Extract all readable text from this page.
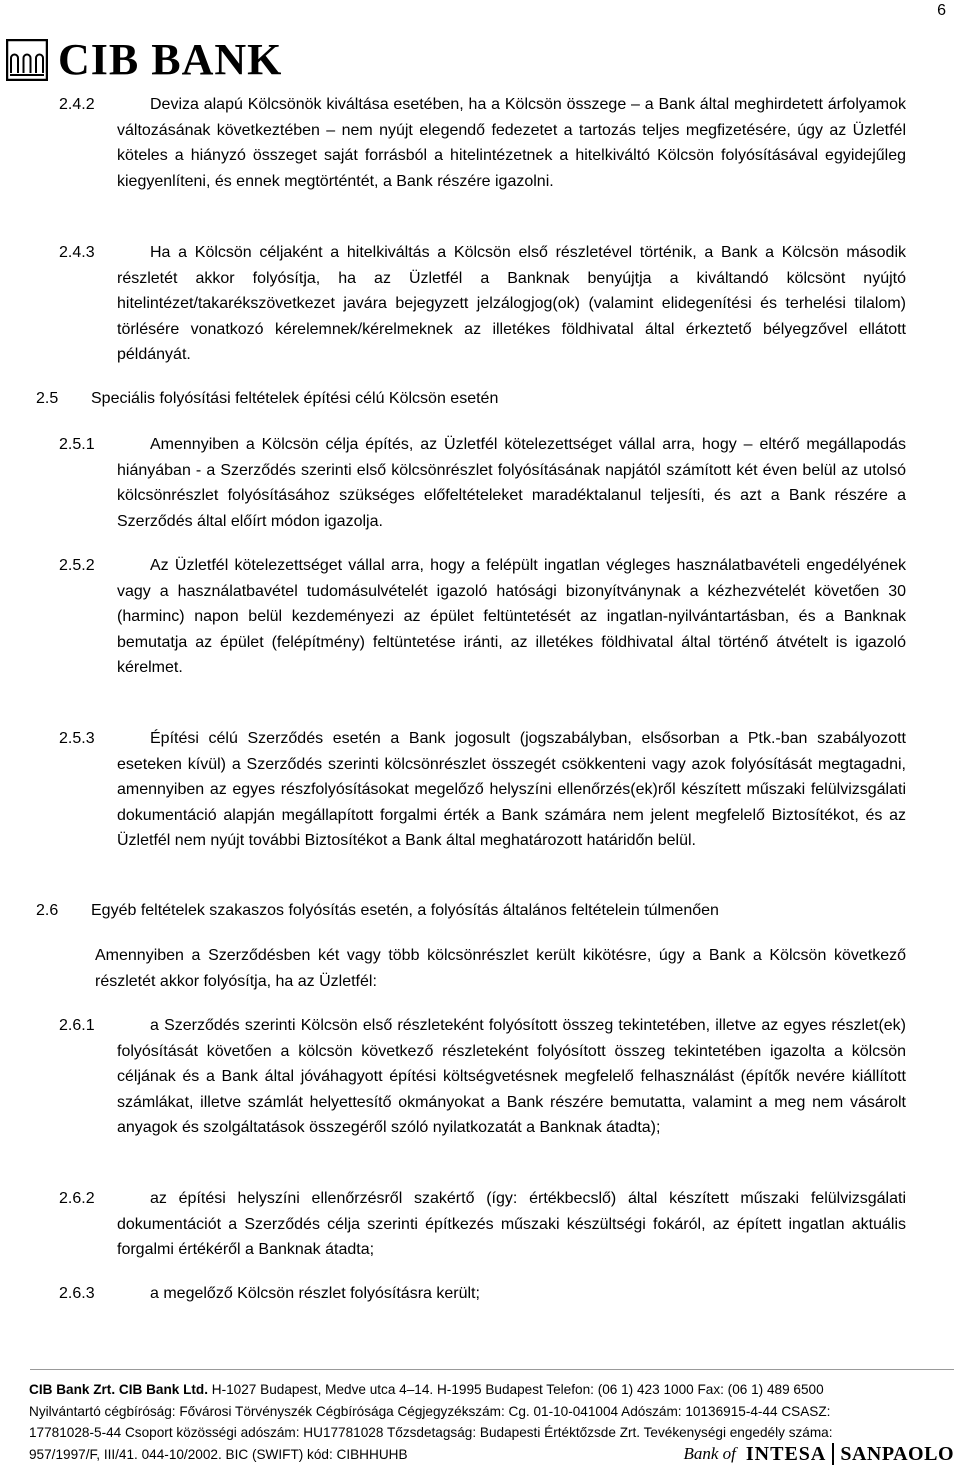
6
CIB BANK
2.4.2	Deviza alapú Kölcsönök kiváltása esetében, ha a Kölcsön összege – a Bank által meghirdetett árfolyamok változásának következtében – nem nyújt elegendő fedezetet a tartozás teljes megfizetésére, úgy az Üzletfél köteles a hiányzó összeget saját forrásból a hitelintézetnek a hitelkiváltó Kölcsön folyósításával egyidejűleg kiegyenlíteni, és ennek megtörténtét, a Bank részére igazolni.
2.4.3	Ha a Kölcsön céljaként a hitelkiváltás a Kölcsön első részletével történik, a Bank a Kölcsön második részletét akkor folyósítja, ha az Üzletfél a Banknak benyújtja a kiváltandó kölcsönt nyújtó hitelintézet/takarékszövetkezet javára bejegyzett jelzálogjog(ok) (valamint elidegenítési és terhelési tilalom) törlésére vonatkozó kérelemnek/kérelmeknek az illetékes földhivatal által érkeztető bélyegzővel ellátott példányát.
2.5 Speciális folyósítási feltételek építési célú Kölcsön esetén
2.5.1	Amennyiben a Kölcsön célja építés, az Üzletfél kötelezettséget vállal arra, hogy – eltérő megállapodás hiányában - a Szerződés szerinti első kölcsönrészlet folyósításának napjától számított két éven belül az utolsó kölcsönrészlet folyósításához szükséges előfeltételeket maradéktalanul teljesíti, és azt a Bank részére a Szerződés által előírt módon igazolja.
2.5.2	Az Üzletfél kötelezettséget vállal arra, hogy a felépült ingatlan végleges használatbavételi engedélyének vagy a használatbavétel tudomásulvételét igazoló hatósági bizonyítványnak a kézhezvételét követően 30 (harminc) napon belül kezdeményezi az épület feltüntetését az ingatlan-nyilvántartásban, és a Banknak bemutatja az épület (felépítmény) feltüntetése iránti, az illetékes földhivatal által történő átvételt is igazoló kérelmet.
2.5.3	Építési célú Szerződés esetén a Bank jogosult (jogszabályban, elsősorban a Ptk.-ban szabályozott eseteken kívül) a Szerződés szerinti kölcsönrészlet összegét csökkenteni vagy azok folyósítását megtagadni, amennyiben az egyes részfolyósításokat megelőző helyszíni ellenőrzés(ek)ről készített műszaki felülvizsgálati dokumentáció alapján megállapított forgalmi érték a Bank számára nem jelent megfelelő Biztosítékot, és az Üzletfél nem nyújt további Biztosítékot a Bank által meghatározott határidőn belül.
2.6 Egyéb feltételek szakaszos folyósítás esetén, a folyósítás általános feltételein túlmenően
Amennyiben a Szerződésben két vagy több kölcsönrészlet került kikötésre, úgy a Bank a Kölcsön következő részletét akkor folyósítja, ha az Üzletfél:
2.6.1	a Szerződés szerinti Kölcsön első részleteként folyósított összeg tekintetében, illetve az egyes részlet(ek) folyósítását követően a kölcsön következő részleteként folyósított összeg tekintetében igazolta a kölcsön céljának és a Bank által jóváhagyott építési költségvetésnek megfelelő felhasználást (építők nevére kiállított számlákat, illetve számlát helyettesítő okmányokat a Bank részére bemutatta, valamint a meg nem vásárolt anyagok és szolgáltatások összegéről szóló nyilatkozatát a Banknak átadta);
2.6.2	az építési helyszíni ellenőrzésről szakértő (így: értékbecslő) által készített műszaki felülvizsgálati dokumentációt a Szerződés célja szerinti építkezés műszaki készültségi fokáról, az épített ingatlan aktuális forgalmi értékéről a Banknak átadta;
2.6.3	a megelőző Kölcsön részlet folyósításra került;
CIB Bank Zrt. CIB Bank Ltd. H-1027 Budapest, Medve utca 4–14. H-1995 Budapest Telefon: (06 1) 423 1000 Fax: (06 1) 489 6500
Nyilvántartó cégbíróság: Fővárosi Törvényszék Cégbírósága Cégjegyzékszám: Cg. 01-10-041004 Adószám: 10136915-4-44 CSASZ:
17781028-5-44 Csoport közösségi adószám: HU17781028 Tőzsdetagság: Budapesti Értéktőzsde Zrt. Tevékenységi engedély száma:
957/1997/F, III/41. 044-10/2002. BIC (SWIFT) kód: CIBHHUHB	Bank of INTESA SANPAOLO
